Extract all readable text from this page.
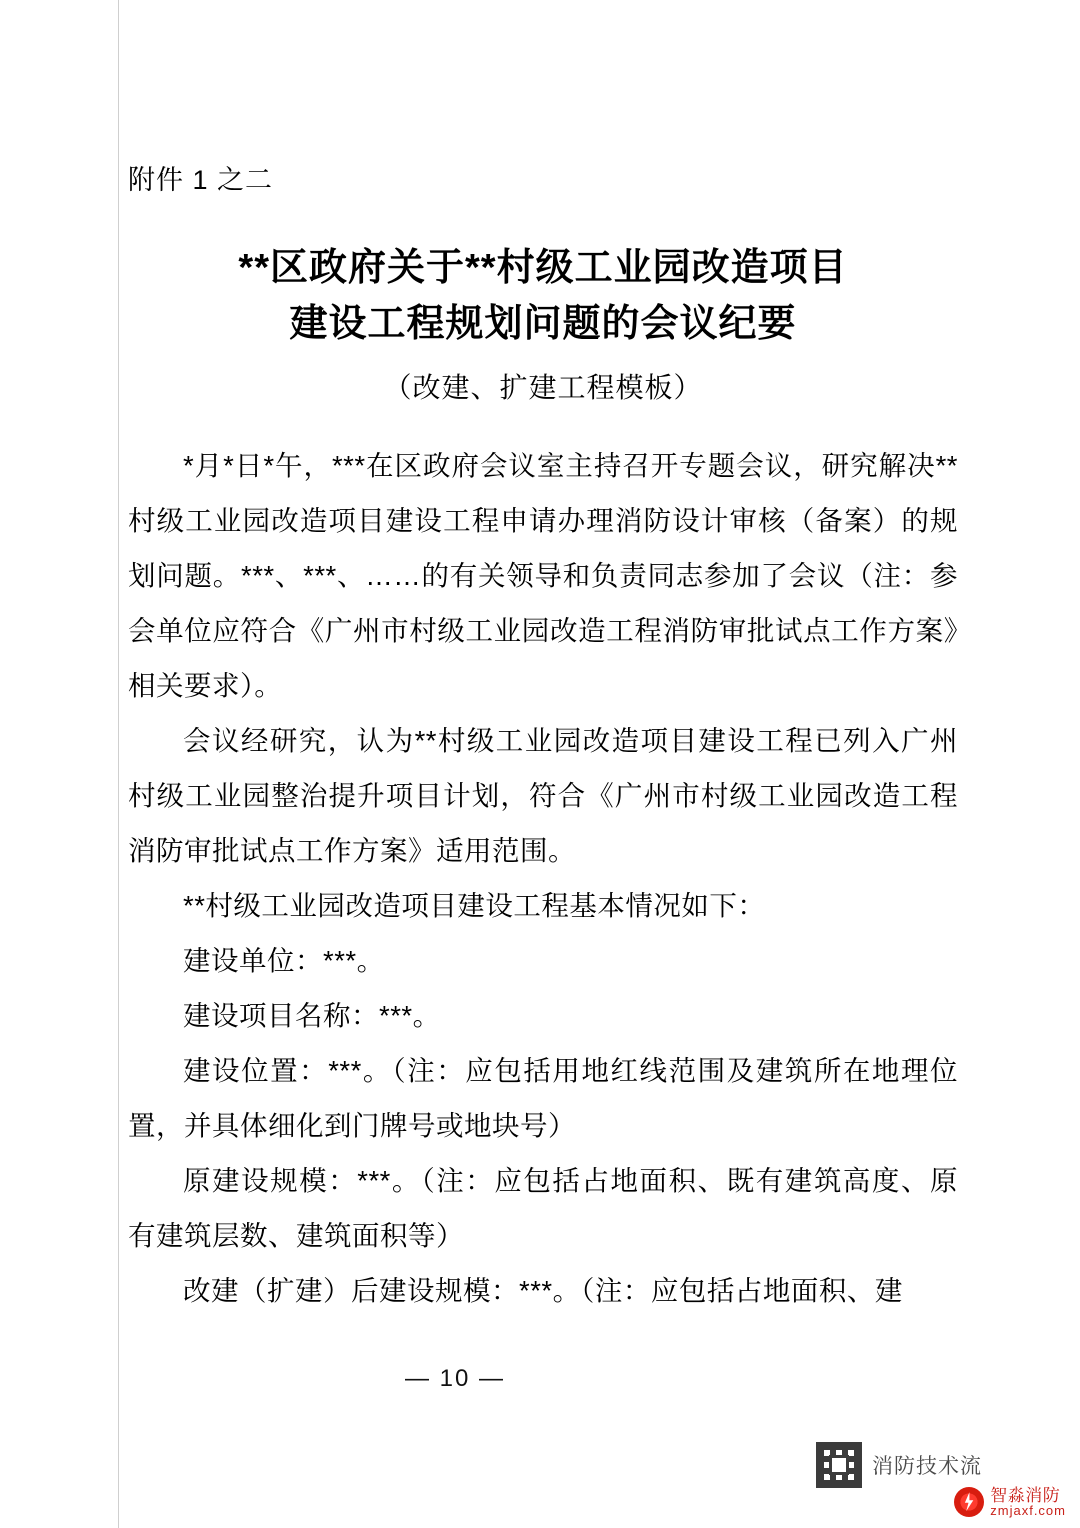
附件 1 之二
**区政府关于**村级工业园改造项目
建设工程规划问题的会议纪要
（改建、扩建工程模板）

*月*日*午，***在区政府会议室主持召开专题会议，研究解决**村级工业园改造项目建设工程申请办理消防设计审核（备案）的规划问题。***、***、……的有关领导和负责同志参加了会议（注：参会单位应符合《广州市村级工业园改造工程消防审批试点工作方案》相关要求）。

会议经研究，认为**村级工业园改造项目建设工程已列入广州村级工业园整治提升项目计划，符合《广州市村级工业园改造工程消防审批试点工作方案》适用范围。

**村级工业园改造项目建设工程基本情况如下：

建设单位：***。

建设项目名称：***。

建设位置：***。（注：应包括用地红线范围及建筑所在地理位置，并具体细化到门牌号或地块号）

原建设规模：***。（注：应包括占地面积、既有建筑高度、原有建筑层数、建筑面积等）

改建（扩建）后建设规模：***。（注：应包括占地面积、建

— 10 —
消防技术流
智淼消防
zmjaxf.com
